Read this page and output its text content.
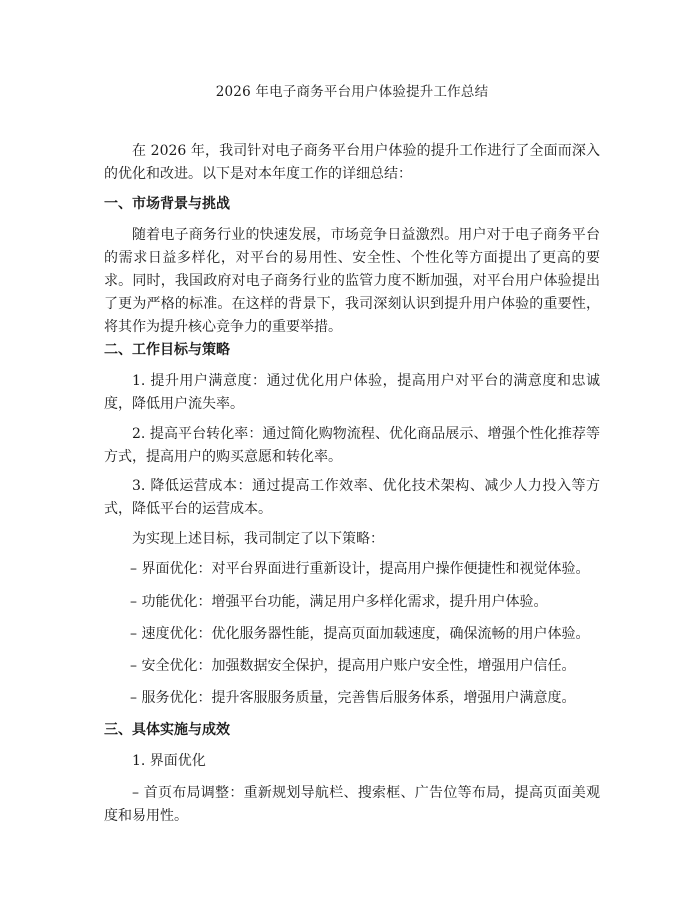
2026 年电子商务平台用户体验提升工作总结

在 2026 年，我司针对电子商务平台用户体验的提升工作进行了全面而深入的优化和改进。以下是对本年度工作的详细总结：

一、市场背景与挑战

随着电子商务行业的快速发展，市场竞争日益激烈。用户对于电子商务平台的需求日益多样化，对平台的易用性、安全性、个性化等方面提出了更高的要求。同时，我国政府对电子商务行业的监管力度不断加强，对平台用户体验提出了更为严格的标准。在这样的背景下，我司深刻认识到提升用户体验的重要性，将其作为提升核心竞争力的重要举措。

二、工作目标与策略

1. 提升用户满意度：通过优化用户体验，提高用户对平台的满意度和忠诚度，降低用户流失率。

2. 提高平台转化率：通过简化购物流程、优化商品展示、增强个性化推荐等方式，提高用户的购买意愿和转化率。

3. 降低运营成本：通过提高工作效率、优化技术架构、减少人力投入等方式，降低平台的运营成本。

为实现上述目标，我司制定了以下策略：
– 界面优化：对平台界面进行重新设计，提高用户操作便捷性和视觉体验。
– 功能优化：增强平台功能，满足用户多样化需求，提升用户体验。
– 速度优化：优化服务器性能，提高页面加载速度，确保流畅的用户体验。
– 安全优化：加强数据安全保护，提高用户账户安全性，增强用户信任。
– 服务优化：提升客服服务质量，完善售后服务体系，增强用户满意度。
三、具体实施与成效
1. 界面优化

– 首页布局调整：重新规划导航栏、搜索框、广告位等布局，提高页面美观度和易用性。
